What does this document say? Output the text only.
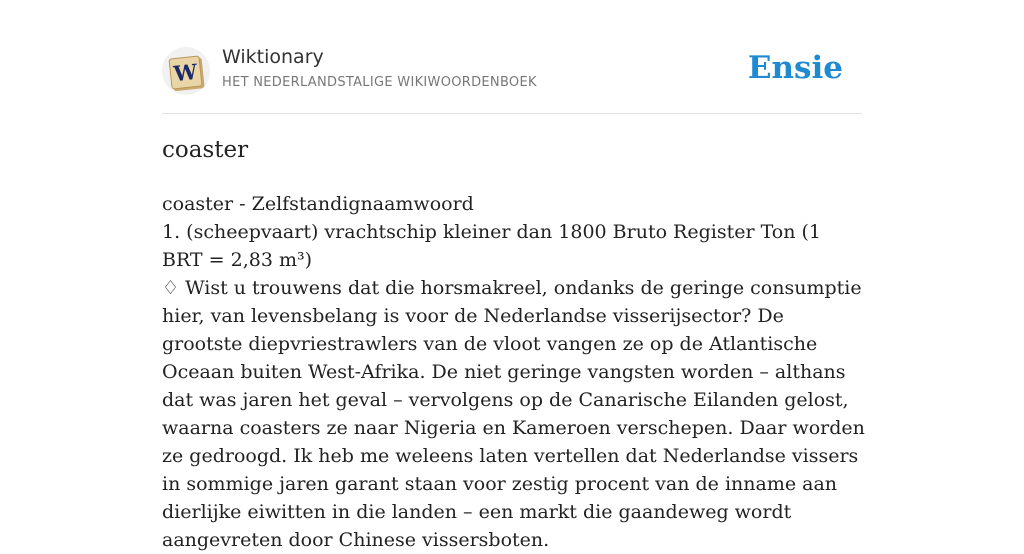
W
Wiktionary
HET NEDERLANDSTALIGE WIKIWOORDENBOEK	Ensie
coaster

coaster - Zelfstandignaamwoord

1. (scheepvaart) vrachtschip kleiner dan 1800 Bruto Register Ton (1 BRT = 2,83 m³)

♢ Wist u trouwens dat die horsmakreel, ondanks de geringe consumptie hier, van levensbelang is voor de Nederlandse visserijsector? De grootste diepvriestrawlers van de vloot vangen ze op de Atlantische Oceaan buiten West-Afrika. De niet geringe vangsten worden – althans dat was jaren het geval – vervolgens op de Canarische Eilanden gelost, waarna coasters ze naar Nigeria en Kameroen verschepen. Daar worden ze gedroogd. Ik heb me weleens laten vertellen dat Nederlandse vissers in sommige jaren garant staan voor zestig procent van de inname aan dierlijke eiwitten in die landen – een markt die gaandeweg wordt aangevreten door Chinese vissersboten.
